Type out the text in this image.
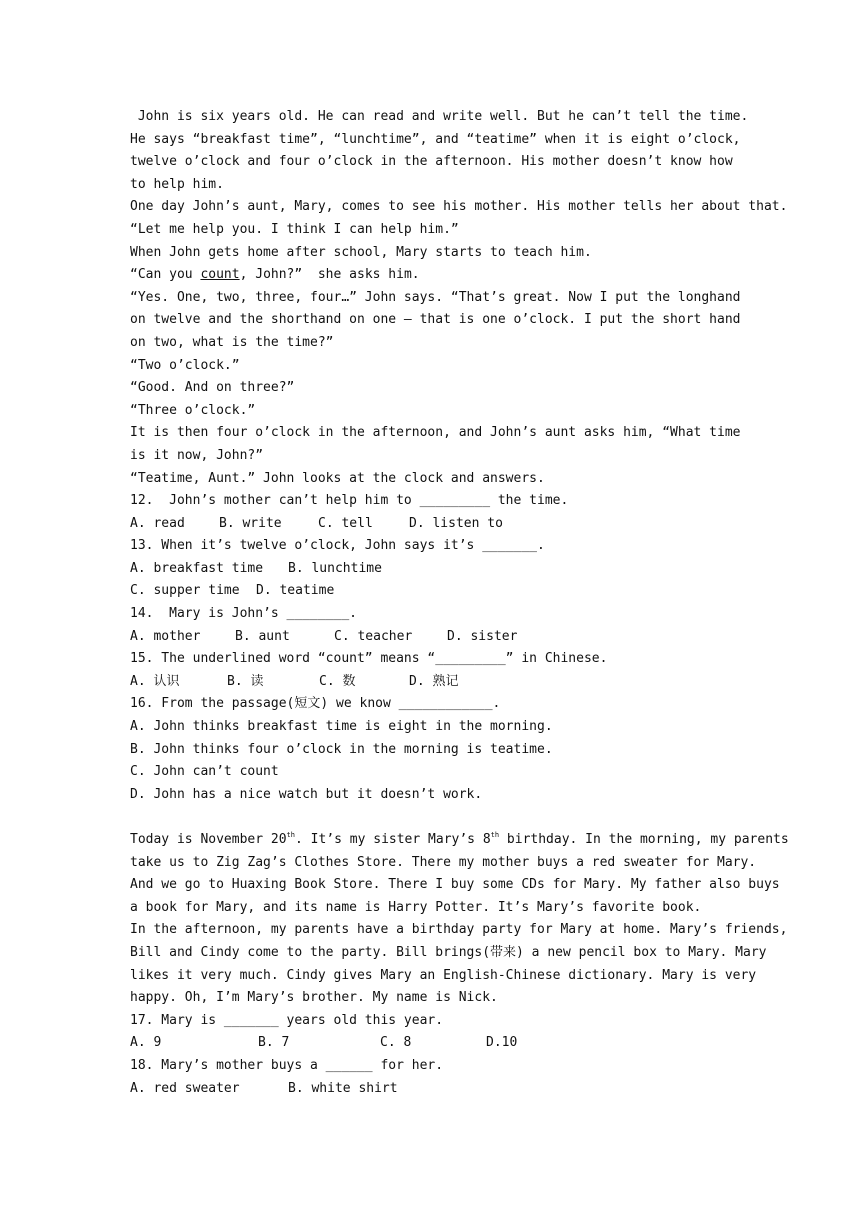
John is six years old. He can read and write well. But he can’t tell the time.
He says “breakfast time”, “lunchtime”, and “teatime” when it is eight o’clock,
twelve o’clock and four o’clock in the afternoon. His mother doesn’t know how
to help him.
One day John’s aunt, Mary, comes to see his mother. His mother tells her about that.
“Let me help you. I think I can help him.”
When John gets home after school, Mary starts to teach him.
“Can you count, John?”  she asks him.
“Yes. One, two, three, four…” John says. “That’s great. Now I put the longhand
on twelve and the shorthand on one – that is one o’clock. I put the short hand
on two, what is the time?”
“Two o’clock.”
“Good. And on three?”
“Three o’clock.”
It is then four o’clock in the afternoon, and John’s aunt asks him, “What time
is it now, John?”
“Teatime, Aunt.” John looks at the clock and answers.
12.  John’s mother can’t help him to _________ the time.
A. read	B. write	C. tell	D. listen to
13. When it’s twelve o’clock, John says it’s _______.
A. breakfast time	B. lunchtime
C. supper time	D. teatime
14.  Mary is John’s ________.
A. mother	B. aunt	C. teacher	D. sister
15. The underlined word “count” means “_________” in Chinese.
A. 认识	B. 读	C. 数	D. 熟记
16. From the passage(短文) we know ____________.
A. John thinks breakfast time is eight in the morning.
B. John thinks four o’clock in the morning is teatime.
C. John can’t count
D. John has a nice watch but it doesn’t work.
Today is November 20th. It’s my sister Mary’s 8th birthday. In the morning, my parents
take us to Zig Zag’s Clothes Store. There my mother buys a red sweater for Mary.
And we go to Huaxing Book Store. There I buy some CDs for Mary. My father also buys
a book for Mary, and its name is Harry Potter. It’s Mary’s favorite book.
In the afternoon, my parents have a birthday party for Mary at home. Mary’s friends,
Bill and Cindy come to the party. Bill brings(带来) a new pencil box to Mary. Mary
likes it very much. Cindy gives Mary an English-Chinese dictionary. Mary is very
happy. Oh, I’m Mary’s brother. My name is Nick.
17. Mary is _______ years old this year.
A. 9	B. 7	C. 8	D.10
18. Mary’s mother buys a ______ for her.
A. red sweater	B. white shirt
